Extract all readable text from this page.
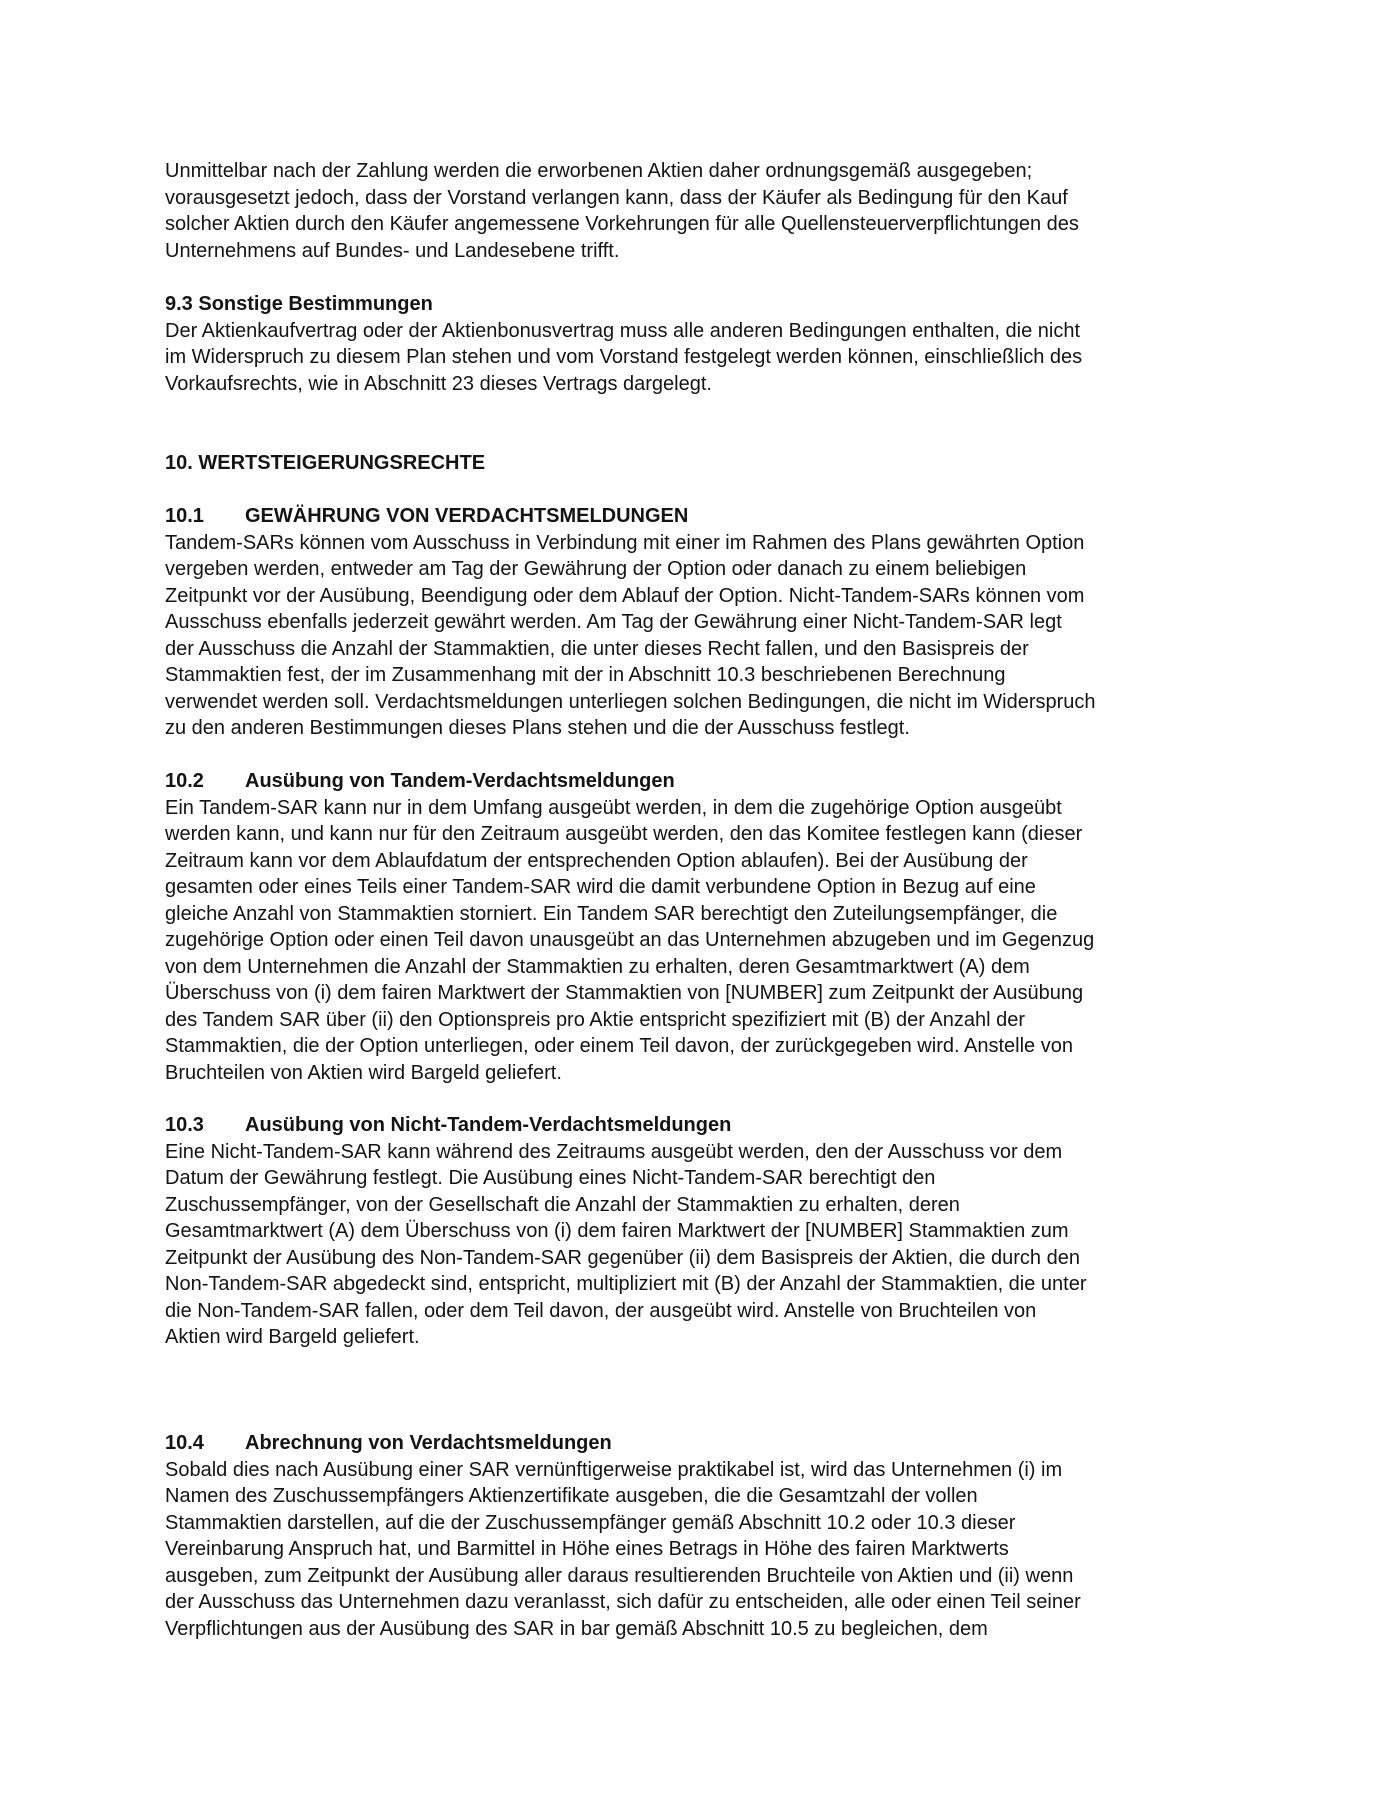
Unmittelbar nach der Zahlung werden die erworbenen Aktien daher ordnungsgemäß ausgegeben;
vorausgesetzt jedoch, dass der Vorstand verlangen kann, dass der Käufer als Bedingung für den Kauf
solcher Aktien durch den Käufer angemessene Vorkehrungen für alle Quellensteuerverpflichtungen des
Unternehmens auf Bundes- und Landesebene trifft.
9.3 Sonstige Bestimmungen
Der Aktienkaufvertrag oder der Aktienbonusvertrag muss alle anderen Bedingungen enthalten, die nicht
im Widerspruch zu diesem Plan stehen und vom Vorstand festgelegt werden können, einschließlich des
Vorkaufsrechts, wie in Abschnitt 23 dieses Vertrags dargelegt.
10. WERTSTEIGERUNGSRECHTE
10.1 GEWÄHRUNG VON VERDACHTSMELDUNGEN
Tandem-SARs können vom Ausschuss in Verbindung mit einer im Rahmen des Plans gewährten Option
vergeben werden, entweder am Tag der Gewährung der Option oder danach zu einem beliebigen
Zeitpunkt vor der Ausübung, Beendigung oder dem Ablauf der Option. Nicht-Tandem-SARs können vom
Ausschuss ebenfalls jederzeit gewährt werden. Am Tag der Gewährung einer Nicht-Tandem-SAR legt
der Ausschuss die Anzahl der Stammaktien, die unter dieses Recht fallen, und den Basispreis der
Stammaktien fest, der im Zusammenhang mit der in Abschnitt 10.3 beschriebenen Berechnung
verwendet werden soll. Verdachtsmeldungen unterliegen solchen Bedingungen, die nicht im Widerspruch
zu den anderen Bestimmungen dieses Plans stehen und die der Ausschuss festlegt.
10.2 Ausübung von Tandem-Verdachtsmeldungen
Ein Tandem-SAR kann nur in dem Umfang ausgeübt werden, in dem die zugehörige Option ausgeübt
werden kann, und kann nur für den Zeitraum ausgeübt werden, den das Komitee festlegen kann (dieser
Zeitraum kann vor dem Ablaufdatum der entsprechenden Option ablaufen). Bei der Ausübung der
gesamten oder eines Teils einer Tandem-SAR wird die damit verbundene Option in Bezug auf eine
gleiche Anzahl von Stammaktien storniert. Ein Tandem SAR berechtigt den Zuteilungsempfänger, die
zugehörige Option oder einen Teil davon unausgeübt an das Unternehmen abzugeben und im Gegenzug
von dem Unternehmen die Anzahl der Stammaktien zu erhalten, deren Gesamtmarktwert (A) dem
Überschuss von (i) dem fairen Marktwert der Stammaktien von [NUMBER] zum Zeitpunkt der Ausübung
des Tandem SAR über (ii) den Optionspreis pro Aktie entspricht spezifiziert mit (B) der Anzahl der
Stammaktien, die der Option unterliegen, oder einem Teil davon, der zurückgegeben wird. Anstelle von
Bruchteilen von Aktien wird Bargeld geliefert.
10.3 Ausübung von Nicht-Tandem-Verdachtsmeldungen
Eine Nicht-Tandem-SAR kann während des Zeitraums ausgeübt werden, den der Ausschuss vor dem
Datum der Gewährung festlegt. Die Ausübung eines Nicht-Tandem-SAR berechtigt den
Zuschussempfänger, von der Gesellschaft die Anzahl der Stammaktien zu erhalten, deren
Gesamtmarktwert (A) dem Überschuss von (i) dem fairen Marktwert der [NUMBER] Stammaktien zum
Zeitpunkt der Ausübung des Non-Tandem-SAR gegenüber (ii) dem Basispreis der Aktien, die durch den
Non-Tandem-SAR abgedeckt sind, entspricht, multipliziert mit (B) der Anzahl der Stammaktien, die unter
die Non-Tandem-SAR fallen, oder dem Teil davon, der ausgeübt wird. Anstelle von Bruchteilen von
Aktien wird Bargeld geliefert.
10.4 Abrechnung von Verdachtsmeldungen
Sobald dies nach Ausübung einer SAR vernünftigerweise praktikabel ist, wird das Unternehmen (i) im
Namen des Zuschussempfängers Aktienzertifikate ausgeben, die die Gesamtzahl der vollen
Stammaktien darstellen, auf die der Zuschussempfänger gemäß Abschnitt 10.2 oder 10.3 dieser
Vereinbarung Anspruch hat, und Barmittel in Höhe eines Betrags in Höhe des fairen Marktwerts
ausgeben, zum Zeitpunkt der Ausübung aller daraus resultierenden Bruchteile von Aktien und (ii) wenn
der Ausschuss das Unternehmen dazu veranlasst, sich dafür zu entscheiden, alle oder einen Teil seiner
Verpflichtungen aus der Ausübung des SAR in bar gemäß Abschnitt 10.5 zu begleichen, dem
